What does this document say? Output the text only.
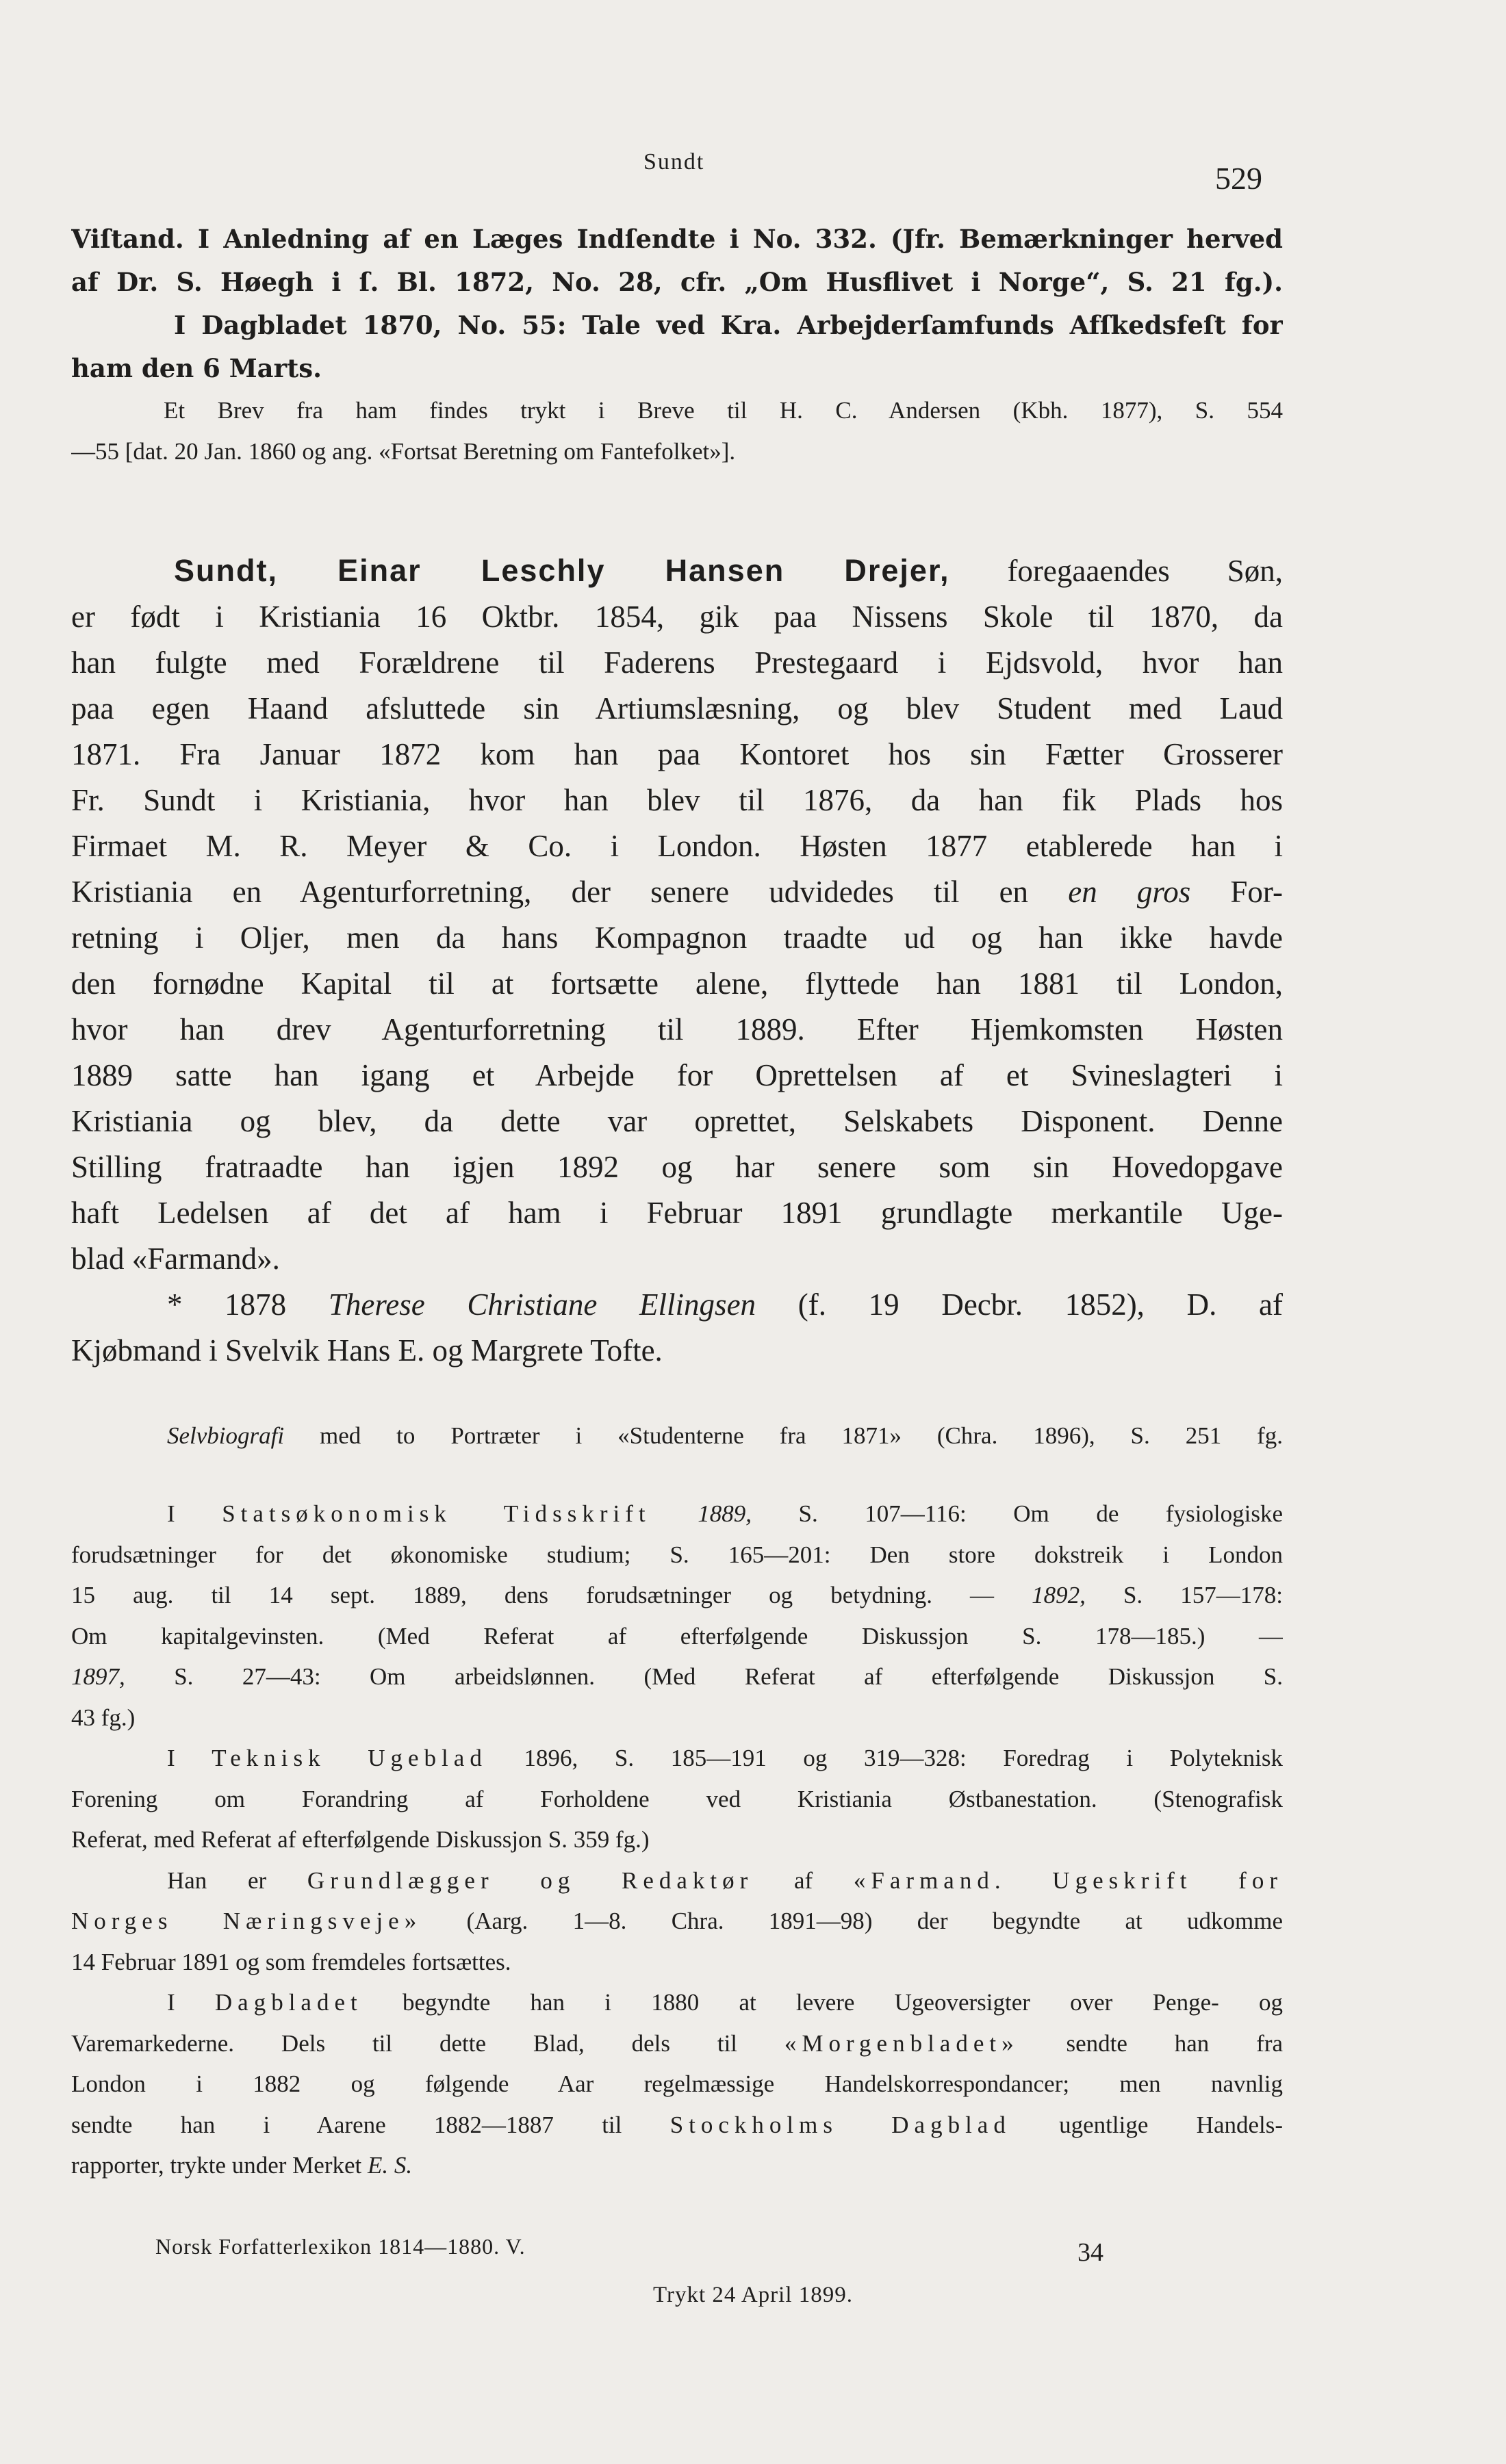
Sundt	529
Viſtand. I Anledning af en Læges Indſendte i No. 332. (Jfr. Bemærkninger herved
af Dr. S. Høegh i ſ. Bl. 1872, No. 28, cfr. „Om Husflivet i Norge“, S. 21 fg.).
I Dagbladet 1870, No. 55: Tale ved Kra. Arbejderſamfunds Afſkedsfeſt for
ham den 6 Marts.
Et Brev fra ham findes trykt i Breve til H. C. Andersen (Kbh. 1877), S. 554
—55 [dat. 20 Jan. 1860 og ang. «Fortsat Beretning om Fantefolket»].
Sundt, Einar Leschly Hansen Drejer, foregaaendes Søn,
er født i Kristiania 16 Oktbr. 1854, gik paa Nissens Skole til 1870, da
han fulgte med Forældrene til Faderens Prestegaard i Ejdsvold, hvor han
paa egen Haand afsluttede sin Artiumslæsning, og blev Student med Laud
1871. Fra Januar 1872 kom han paa Kontoret hos sin Fætter Grosserer
Fr. Sundt i Kristiania, hvor han blev til 1876, da han fik Plads hos
Firmaet M. R. Meyer & Co. i London. Høsten 1877 etablerede han i
Kristiania en Agenturforretning, der senere udvidedes til en en gros For-
retning i Oljer, men da hans Kompagnon traadte ud og han ikke havde
den fornødne Kapital til at fortsætte alene, flyttede han 1881 til London,
hvor han drev Agenturforretning til 1889. Efter Hjemkomsten Høsten
1889 satte han igang et Arbejde for Oprettelsen af et Svineslagteri i
Kristiania og blev, da dette var oprettet, Selskabets Disponent. Denne
Stilling fratraadte han igjen 1892 og har senere som sin Hovedopgave
haft Ledelsen af det af ham i Februar 1891 grundlagte merkantile Uge-
blad «Farmand».
* 1878 Therese Christiane Ellingsen (f. 19 Decbr. 1852), D. af
Kjøbmand i Svelvik Hans E. og Margrete Tofte.
Selvbiografi med to Portræter i «Studenterne fra 1871» (Chra. 1896), S. 251 fg.
I Statsøkonomisk Tidsskrift 1889, S. 107—116: Om de fysiologiske
forudsætninger for det økonomiske studium; S. 165—201: Den store dokstreik i London
15 aug. til 14 sept. 1889, dens forudsætninger og betydning. — 1892, S. 157—178:
Om kapitalgevinsten. (Med Referat af efterfølgende Diskussjon S. 178—185.) —
1897, S. 27—43: Om arbeidslønnen. (Med Referat af efterfølgende Diskussjon S.
43 fg.)
I Teknisk Ugeblad 1896, S. 185—191 og 319—328: Foredrag i Polyteknisk
Forening om Forandring af Forholdene ved Kristiania Østbanestation. (Stenografisk
Referat, med Referat af efterfølgende Diskussjon S. 359 fg.)
Han er Grundlægger og Redaktør af «Farmand. Ugeskrift for
Norges Næringsveje» (Aarg. 1—8. Chra. 1891—98) der begyndte at udkomme
14 Februar 1891 og som fremdeles fortsættes.
I Dagbladet begyndte han i 1880 at levere Ugeoversigter over Penge- og
Varemarkederne. Dels til dette Blad, dels til «Morgenbladet» sendte han fra
London i 1882 og følgende Aar regelmæssige Handelskorrespondancer; men navnlig
sendte han i Aarene 1882—1887 til Stockholms Dagblad ugentlige Handels-
rapporter, trykte under Merket E. S.
Norsk Forfatterlexikon 1814—1880. V.	34
Trykt 24 April 1899.
